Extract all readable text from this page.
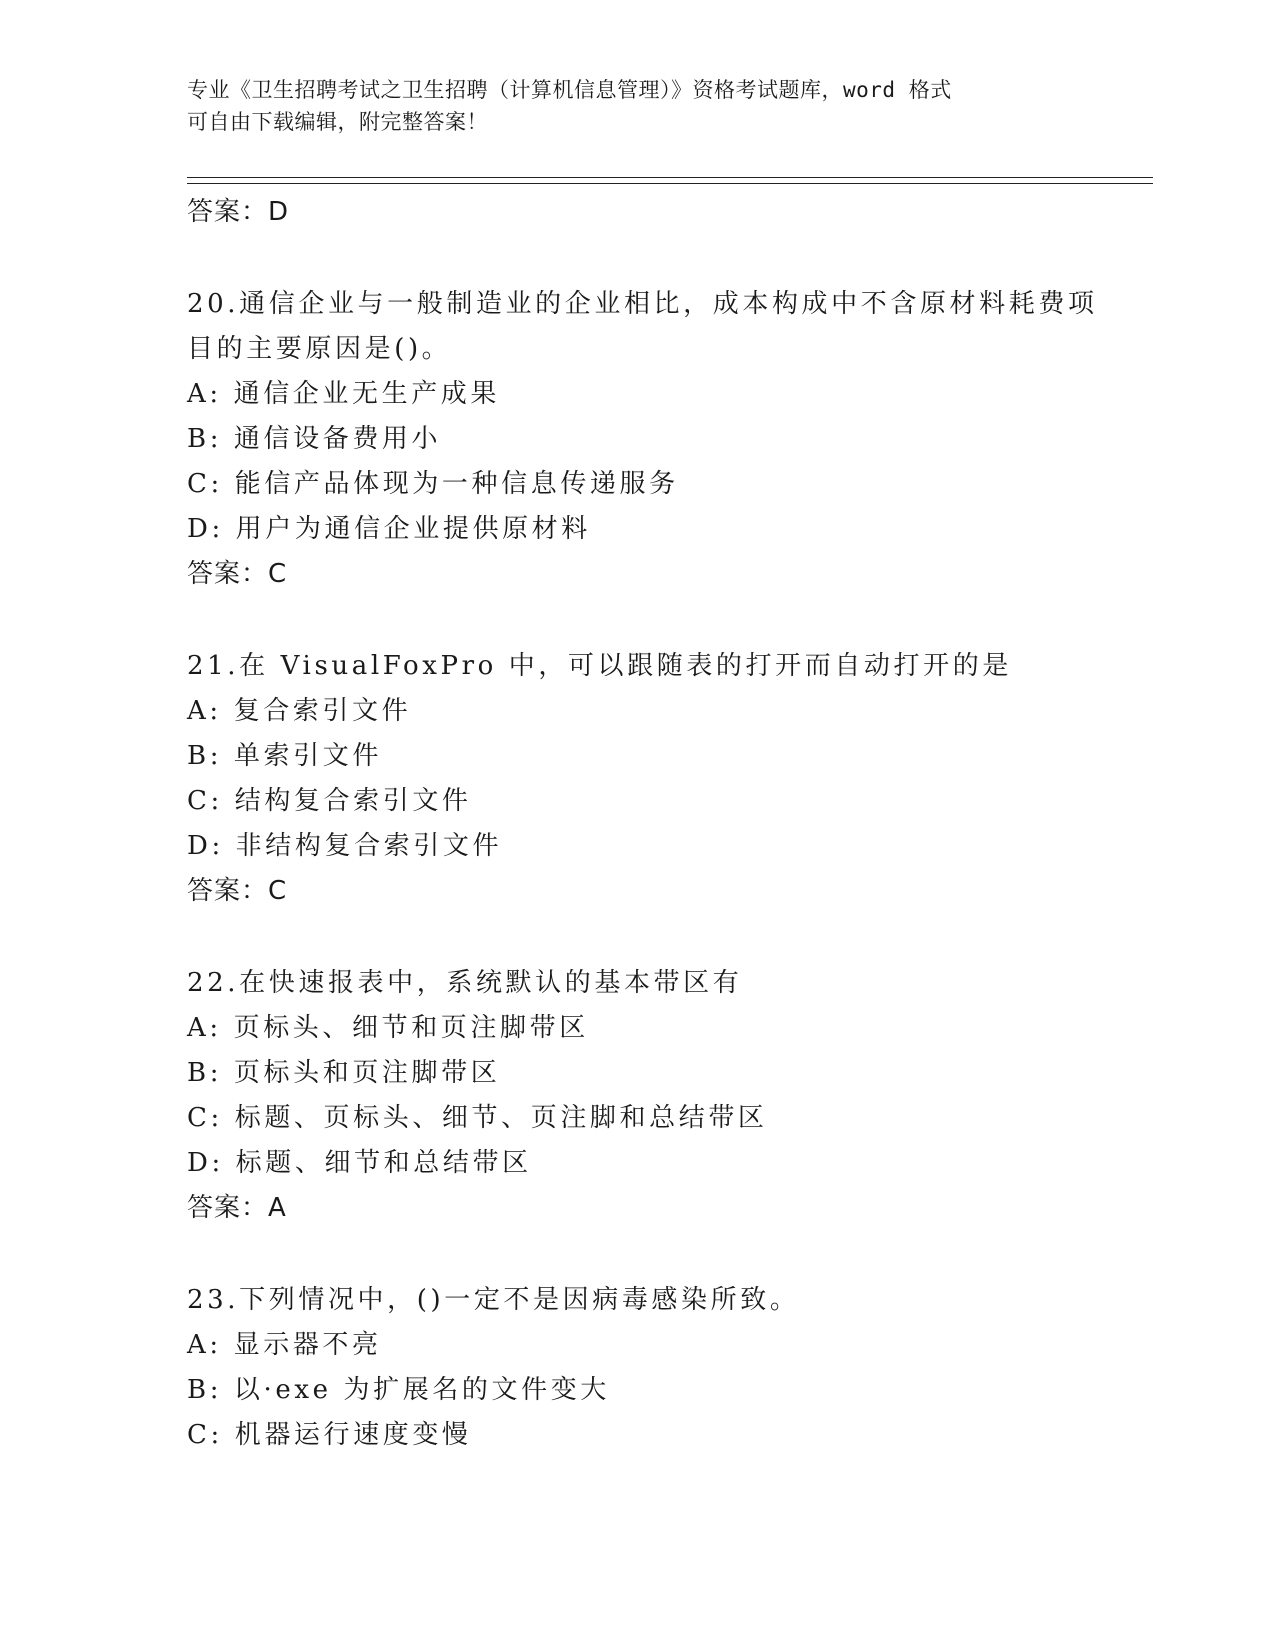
专业《卫生招聘考试之卫生招聘（计算机信息管理）》资格考试题库，word 格式
可自由下载编辑，附完整答案！
答案：D
20.通信企业与一般制造业的企业相比，成本构成中不含原材料耗费项
目的主要原因是()。
A: 通信企业无生产成果
B: 通信设备费用小
C: 能信产品体现为一种信息传递服务
D: 用户为通信企业提供原材料
答案：C
21.在 VisualFoxPro 中，可以跟随表的打开而自动打开的是
A: 复合索引文件
B: 单索引文件
C: 结构复合索引文件
D: 非结构复合索引文件
答案：C
22.在快速报表中，系统默认的基本带区有
A: 页标头、细节和页注脚带区
B: 页标头和页注脚带区
C: 标题、页标头、细节、页注脚和总结带区
D: 标题、细节和总结带区
答案：A
23.下列情况中，()一定不是因病毒感染所致。
A: 显示器不亮
B: 以·exe 为扩展名的文件变大
C: 机器运行速度变慢
